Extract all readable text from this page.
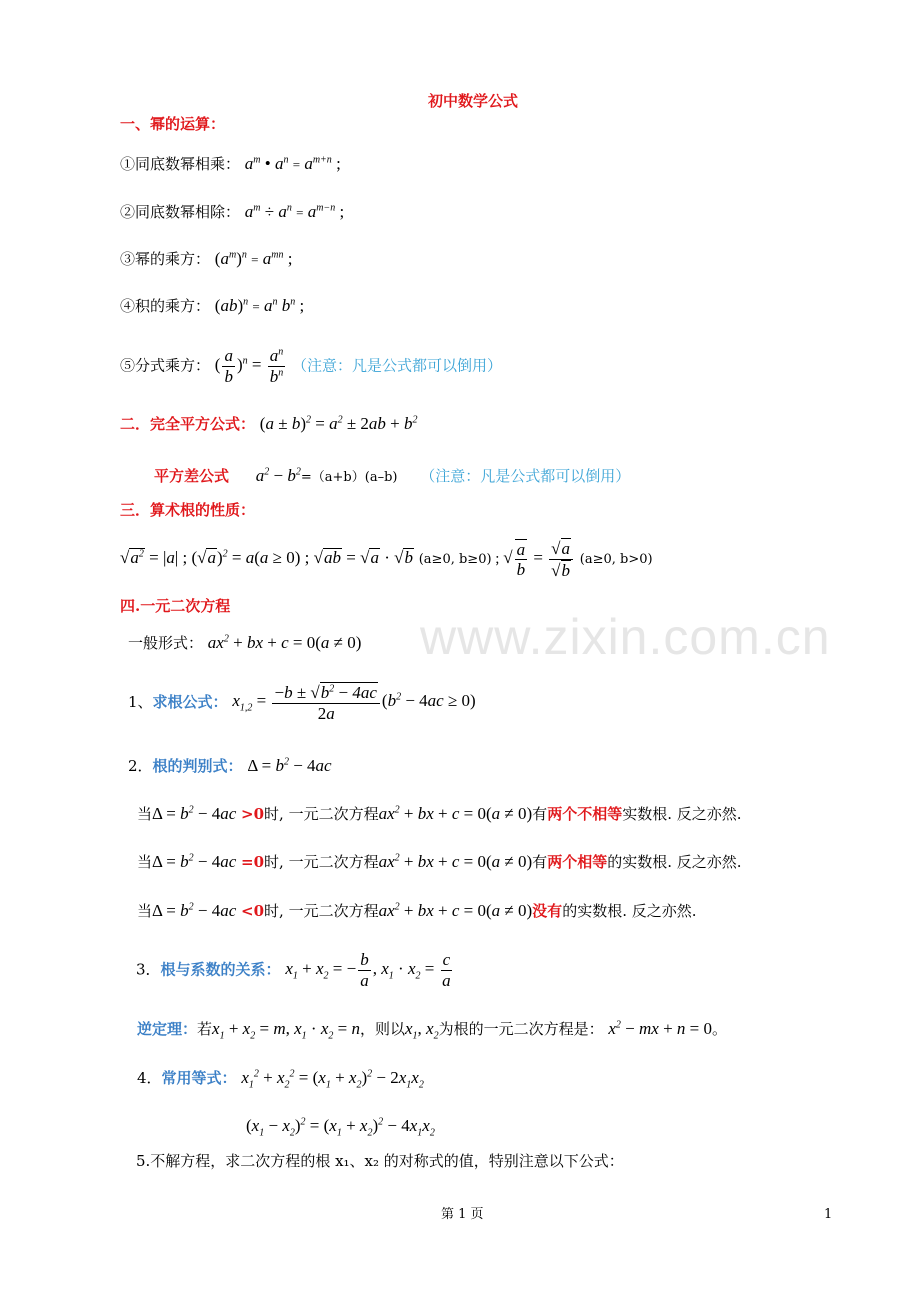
www.zixin.com.cn
初中数学公式
一、幂的运算：
①同底数幂相乘： $a^m$ • $a^n = a^{m+n}$ ;
②同底数幂相除： $a^m \div a^n = a^{m-n}$ ;
③幂的乘方： $(a^m)^n = a^{mn}$ ;
④积的乘方： $(ab)^n = a^n$ $b^n$ ;
⑤分式乘方： ( $\frac{a}{b} )^n = \frac{a^n}{b^n}$ （注意：凡是公式都可以倒用）
二．完全平方公式： $(a \pm b)^2 = a^2 \pm 2ab + b^2$
平方差公式 $a^2 - b^2=(a+b)(a-b)$ （注意：凡是公式都可以倒用）
三．算术根的性质：
$√a^2 = |a|$ ; $(√a)^2 = a(a \ge 0)$ ; √ab = √a · √b (a≥0, b≥0) ; √ $\frac{a}{b} = \frac{√a}{√b} (a\ge 0$, b>0)
四.一元二次方程
一般形式： $ax^2$ + bx + c = 0(a ≠ 0)
1、求根公式： $x_{1,2} = \frac{-b \pm √b^2 - 4ac}{2a} (b^2 - 4ac \ge 0)$
2．根的判别式： $\Delta = b^2 - 4ac$
当$\Delta = b^2 - 4ac >0$时, 一元二次方程$ax^2$ + bx + c = 0(a ≠ 0)有两个不相等实数根. 反之亦然.
当$\Delta = b^2 - 4ac =0$时, 一元二次方程$ax^2$ + bx + c = 0(a ≠ 0)有两个相等的实数根. 反之亦然.
当$\Delta = b^2 - 4ac <0$时, 一元二次方程$ax^2$ + bx + c = 0(a ≠ 0)没有的实数根. 反之亦然.
3．根与系数的关系： $x_1 + x_2$ = − $\frac{b}{a}$ , $x_1 \cdot x_2 = \frac{c}{a}$
逆定理：若$x_1 + x_2 = m$, $x_1 \cdot x_2 = n$，则以$x_1$, $x_2$为根的一元二次方程是： $x^2$ − mx + n = 0。
4．常用等式： $x_1^2 + x_2^2 = (x_1 + x_2)^2 - 2x_1x_2$
$(x_1 - x_2)^2 = (x_1 + x_2)^2 - 4x_1x_2$
5.不解方程，求二次方程的根 x₁、x₂ 的对称式的值，特别注意以下公式：
第 1 页	1
